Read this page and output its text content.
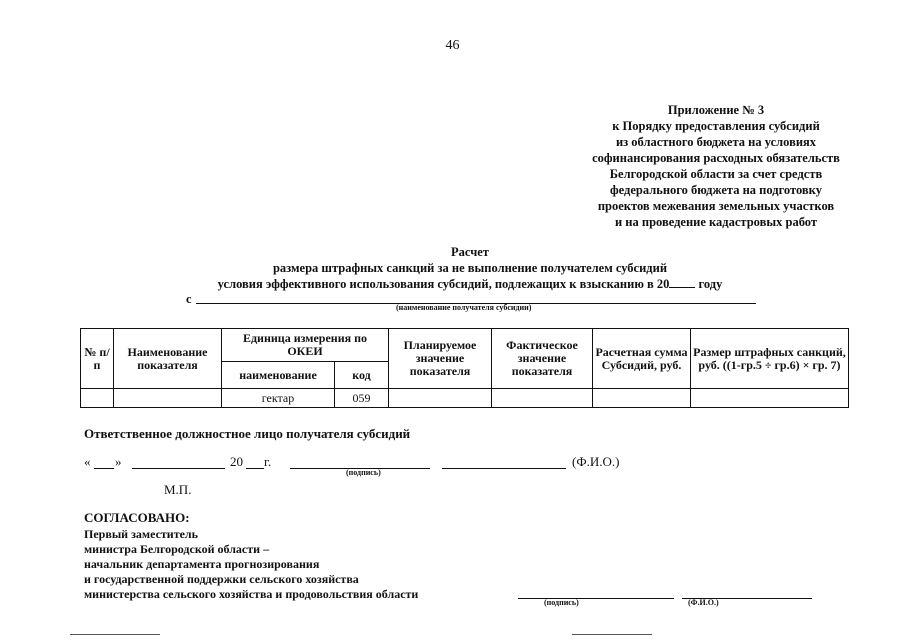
46
Приложение № 3
к Порядку предоставления субсидий
из областного бюджета на условиях
софинансирования расходных обязательств
Белгородской области за счет средств
федерального бюджета на подготовку
проектов межевания земельных участков
и на проведение кадастровых работ
Расчет
размера штрафных санкций за не выполнение получателем субсидий
условия эффективного использования субсидий, подлежащих к взысканию в 20 году
с
(наименование получателя субсидии)
№ п/п	Наименование показателя	Единица измерения по ОКЕИ		Планируемое значение показателя	Фактическое значение показателя	Расчетная сумма Субсидий, руб.	Размер штрафных санкций, руб. ((1-гр.5 ÷ гр.6) × гр. 7)
		наименование	код				
		гектар	059				
Ответственное должностное лицо получателя субсидий
« »	20 г.
(подпись)
(Ф.И.О.)
М.П.
СОГЛАСОВАНО:
Первый заместитель
министра Белгородской области –
начальник департамента прогнозирования
и государственной поддержки сельского хозяйства
министерства сельского хозяйства и продовольствия области
(подпись)	(Ф.И.О.)
